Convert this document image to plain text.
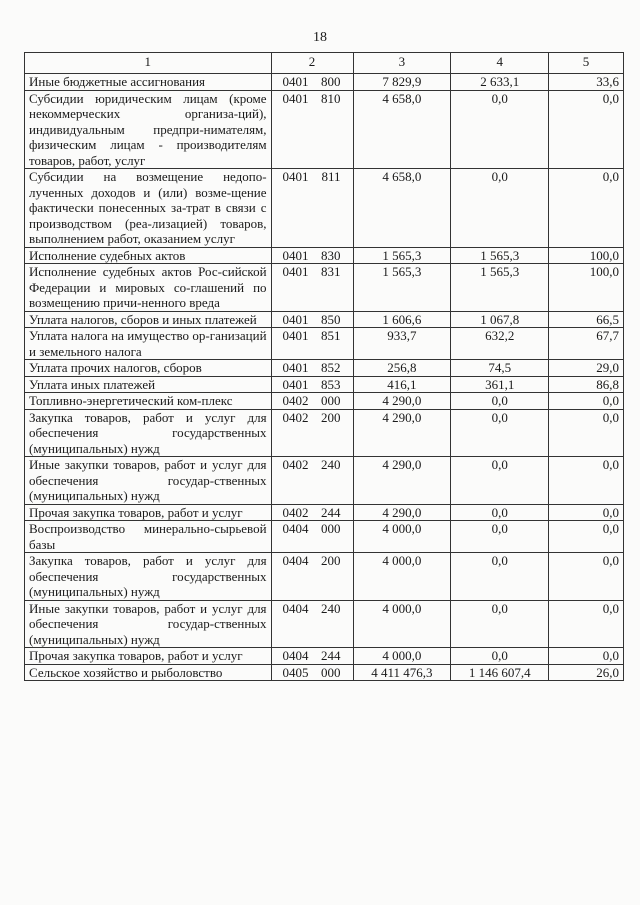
18
1	2	3	4	5
Иные бюджетные ассигнования	0401 800	7 829,9	2 633,1	33,6
Субсидии юридическим лицам (кроме некоммерческих организа-ций), индивидуальным предпри-нимателям, физическим лицам - производителям товаров, работ, услуг	0401 810	4 658,0	0,0	0,0
Субсидии на возмещение недопо-лученных доходов и (или) возме-щение фактически понесенных за-трат в связи с производством (реа-лизацией) товаров, выполнением работ, оказанием услуг	0401 811	4 658,0	0,0	0,0
Исполнение судебных актов	0401 830	1 565,3	1 565,3	100,0
Исполнение судебных актов Рос-сийской Федерации и мировых со-глашений по возмещению причи-ненного вреда	0401 831	1 565,3	1 565,3	100,0
Уплата налогов, сборов и иных платежей	0401 850	1 606,6	1 067,8	66,5
Уплата налога на имущество ор-ганизаций и земельного налога	0401 851	933,7	632,2	67,7
Уплата прочих налогов, сборов	0401 852	256,8	74,5	29,0
Уплата иных платежей	0401 853	416,1	361,1	86,8
Топливно-энергетический ком-плекс	0402 000	4 290,0	0,0	0,0
Закупка товаров, работ и услуг для обеспечения государственных (муниципальных) нужд	0402 200	4 290,0	0,0	0,0
Иные закупки товаров, работ и услуг для обеспечения государ-ственных (муниципальных) нужд	0402 240	4 290,0	0,0	0,0
Прочая закупка товаров, работ и услуг	0402 244	4 290,0	0,0	0,0
Воспроизводство минерально-сырьевой базы	0404 000	4 000,0	0,0	0,0
Закупка товаров, работ и услуг для обеспечения государственных (муниципальных) нужд	0404 200	4 000,0	0,0	0,0
Иные закупки товаров, работ и услуг для обеспечения государ-ственных (муниципальных) нужд	0404 240	4 000,0	0,0	0,0
Прочая закупка товаров, работ и услуг	0404 244	4 000,0	0,0	0,0
Сельское хозяйство и рыболовство	0405 000	4 411 476,3	1 146 607,4	26,0
